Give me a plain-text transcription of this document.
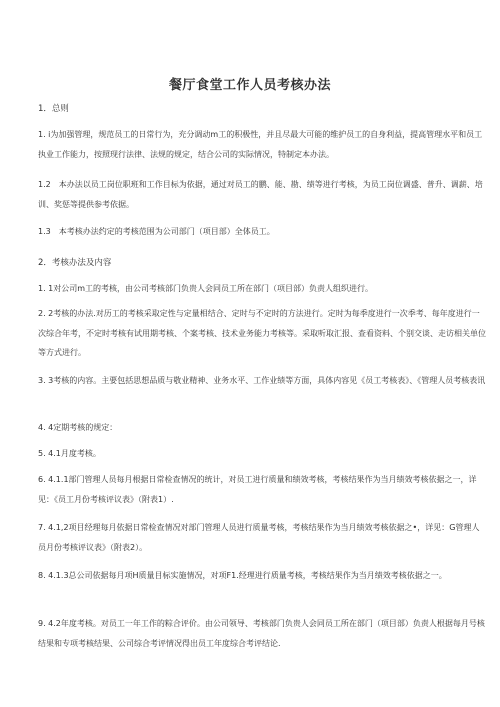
餐厅食堂工作人员考核办法
1．总则
1. i为加强管理，规范员工的日常行为，充分调动m工的积极性，并且尽最大可能的维护员工的自身利益，提高管理水平和员工执业工作能力，按照现行法律、法规的规定，结合公司的实际情况，特制定本办法。
1.2　本办法以员工岗位职班和工作目标为依据，通过对员工的鹏、能、勘、绩等进行考核，为员工岗位调盛、普升、调薪、培训、奖惩等提供参考依据。
1.3　本考核办法约定的考核范围为公司部门（项目部）全体员工。
2．考核办法及内容
1. 1对公司m工的考核，由公司考核部门负贵人会同员工所在部门（项目部）负责人组织进行。
2. 2考核的办法.对历工的考核采取定性与定量相结合、定时与不定时的方法进行。定时为每季度进行一次季考、每年度进行一次综合年考，不定时考核有试用期考核、个案考核、技术业务能力考核等。采取听取汇报、查看资料、个别交谈、走访相关单位等方式进行。
3. 3考核的内容。主要包括思想品质与敬业精神、业务水平、工作业绩等方面，具体内容见《员工考核表》、《管理人员考核表讯
4. 4定期考核的规定：
5. 4.1月度考核。
6. 4.1.1部门管理人员每月根据日常检查情况的统计，对员工进行质量和绩效考核，考核结果作为当月绩效考核依据之一，详见：《员工月份考核评议表》（附表1）.
7. 4.1,2项目经理每月依据日常检查情况对部门管理人员进行质量考核，考核结果作为当月绩效考核依据之•，详见：G管理人员月份考核评议表》（附表2）。
8. 4.1.3总公司依据每月项H质量目标实施情况，对项F1.经理进行质量考核，考核结果作为当月绩效考核依据之一。
9. 4.2年度考核。对员工一年工作的粽合评价。由公司领导、考核部门负贵人会同员工所在部门（项目部）负责人根据每月号核结果和专项考核结果、公司综合考评情况得出员工年度综合考评结论.
